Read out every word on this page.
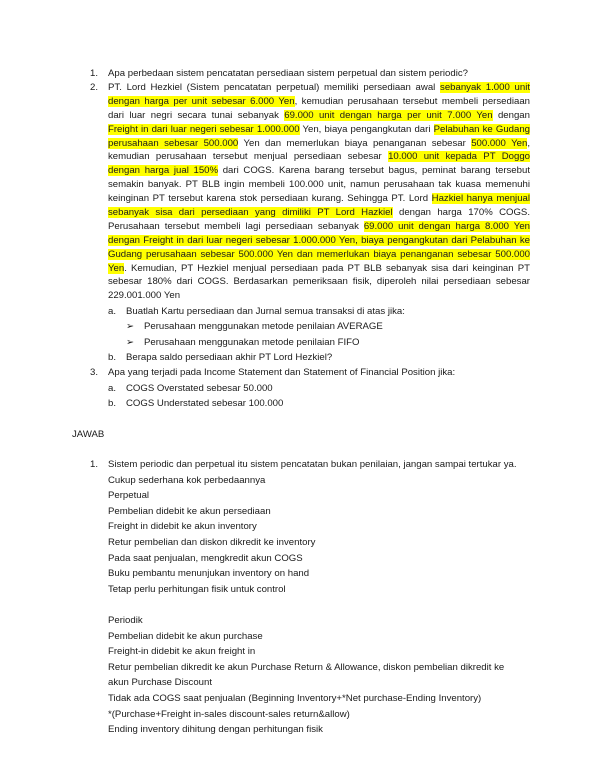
1.	Apa perbedaan sistem pencatatan persediaan sistem perpetual dan sistem periodic?
2.	PT. Lord Hezkiel (Sistem pencatatan perpetual) memiliki persediaan awal sebanyak 1.000 unit
dengan harga per unit sebesar 6.000 Yen, kemudian perusahaan tersebut membeli persediaan
dari luar negri secara tunai sebanyak 69.000 unit dengan harga per unit 7.000 Yen dengan
Freight in dari luar negeri sebesar 1.000.000 Yen, biaya pengangkutan dari Pelabuhan ke Gudang
perusahaan sebesar 500.000 Yen dan memerlukan biaya penanganan sebesar 500.000 Yen,
kemudian perusahaan tersebut menjual persediaan sebesar 10.000 unit kepada PT Doggo
dengan harga jual 150% dari COGS. Karena barang tersebut bagus, peminat barang tersebut
semakin banyak. PT BLB ingin membeli 100.000 unit, namun perusahaan tak kuasa memenuhi
keinginan PT tersebut karena stok persediaan kurang. Sehingga PT. Lord Hazkiel hanya menjual
sebanyak sisa dari persediaan yang dimiliki PT Lord Hazkiel dengan harga 170% COGS.
Perusahaan tersebut membeli lagi persediaan sebanyak 69.000 unit dengan harga 8.000 Yen
dengan Freight in dari luar negeri sebesar 1.000.000 Yen, biaya pengangkutan dari Pelabuhan ke
Gudang perusahaan sebesar 500.000 Yen dan memerlukan biaya penanganan sebesar 500.000
Yen. Kemudian, PT Hezkiel menjual persediaan pada PT BLB sebanyak sisa dari keinginan PT
sebesar 180% dari COGS. Berdasarkan pemeriksaan fisik, diperoleh nilai persediaan sebesar
229.001.000 Yen
a. Buatlah Kartu persediaan dan Jurnal semua transaksi di atas jika:
➢ Perusahaan menggunakan metode penilaian AVERAGE
➢ Perusahaan menggunakan metode penilaian FIFO
b. Berapa saldo persediaan akhir PT Lord Hezkiel?
3.	Apa yang terjadi pada Income Statement dan Statement of Financial Position jika:
a. COGS Overstated sebesar 50.000
b. COGS Understated sebesar 100.000
JAWAB
1.	Sistem periodic dan perpetual itu sistem pencatatan bukan penilaian, jangan sampai tertukar ya.
Cukup sederhana kok perbedaannya
Perpetual
Pembelian didebit ke akun persediaan
Freight in didebit ke akun inventory
Retur pembelian dan diskon dikredit ke inventory
Pada saat penjualan, mengkredit akun COGS
Buku pembantu menunjukan inventory on hand
Tetap perlu perhitungan fisik untuk control
Periodik
Pembelian didebit ke akun purchase
Freight-in didebit ke akun freight in
Retur pembelian dikredit ke akun Purchase Return & Allowance, diskon pembelian dikredit ke
akun Purchase Discount
Tidak ada COGS saat penjualan (Beginning Inventory+*Net purchase-Ending Inventory)
*(Purchase+Freight in-sales discount-sales return&allow)
Ending inventory dihitung dengan perhitungan fisik
